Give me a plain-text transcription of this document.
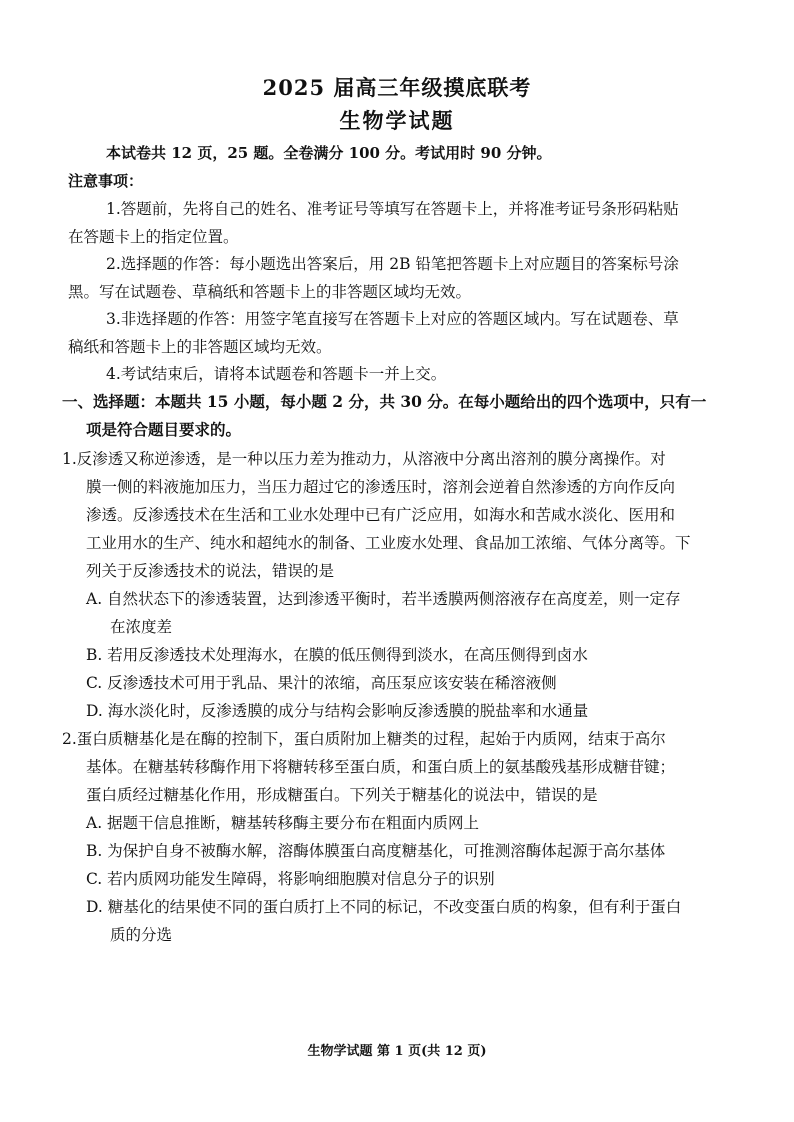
2025 届高三年级摸底联考
生物学试题
本试卷共 12 页，25 题。全卷满分 100 分。考试用时 90 分钟。
注意事项：
1.答题前，先将自己的姓名、准考证号等填写在答题卡上，并将准考证号条形码粘贴
在答题卡上的指定位置。
2.选择题的作答：每小题选出答案后，用 2B 铅笔把答题卡上对应题目的答案标号涂
黑。写在试题卷、草稿纸和答题卡上的非答题区域均无效。
3.非选择题的作答：用签字笔直接写在答题卡上对应的答题区域内。写在试题卷、草
稿纸和答题卡上的非答题区域均无效。
4.考试结束后，请将本试题卷和答题卡一并上交。
一、选择题：本题共 15 小题，每小题 2 分，共 30 分。在每小题给出的四个选项中，只有一
项是符合题目要求的。
1.反渗透又称逆渗透，是一种以压力差为推动力，从溶液中分离出溶剂的膜分离操作。对
膜一侧的料液施加压力，当压力超过它的渗透压时，溶剂会逆着自然渗透的方向作反向
渗透。反渗透技术在生活和工业水处理中已有广泛应用，如海水和苦咸水淡化、医用和
工业用水的生产、纯水和超纯水的制备、工业废水处理、食品加工浓缩、气体分离等。下
列关于反渗透技术的说法，错误的是
A. 自然状态下的渗透装置，达到渗透平衡时，若半透膜两侧溶液存在高度差，则一定存
在浓度差
B. 若用反渗透技术处理海水，在膜的低压侧得到淡水，在高压侧得到卤水
C. 反渗透技术可用于乳品、果汁的浓缩，高压泵应该安装在稀溶液侧
D. 海水淡化时，反渗透膜的成分与结构会影响反渗透膜的脱盐率和水通量
2.蛋白质糖基化是在酶的控制下，蛋白质附加上糖类的过程，起始于内质网，结束于高尔
基体。在糖基转移酶作用下将糖转移至蛋白质，和蛋白质上的氨基酸残基形成糖苷键；
蛋白质经过糖基化作用，形成糖蛋白。下列关于糖基化的说法中，错误的是
A. 据题干信息推断，糖基转移酶主要分布在粗面内质网上
B. 为保护自身不被酶水解，溶酶体膜蛋白高度糖基化，可推测溶酶体起源于高尔基体
C. 若内质网功能发生障碍，将影响细胞膜对信息分子的识别
D. 糖基化的结果使不同的蛋白质打上不同的标记，不改变蛋白质的构象，但有利于蛋白
质的分选
生物学试题 第 1 页(共 12 页)
